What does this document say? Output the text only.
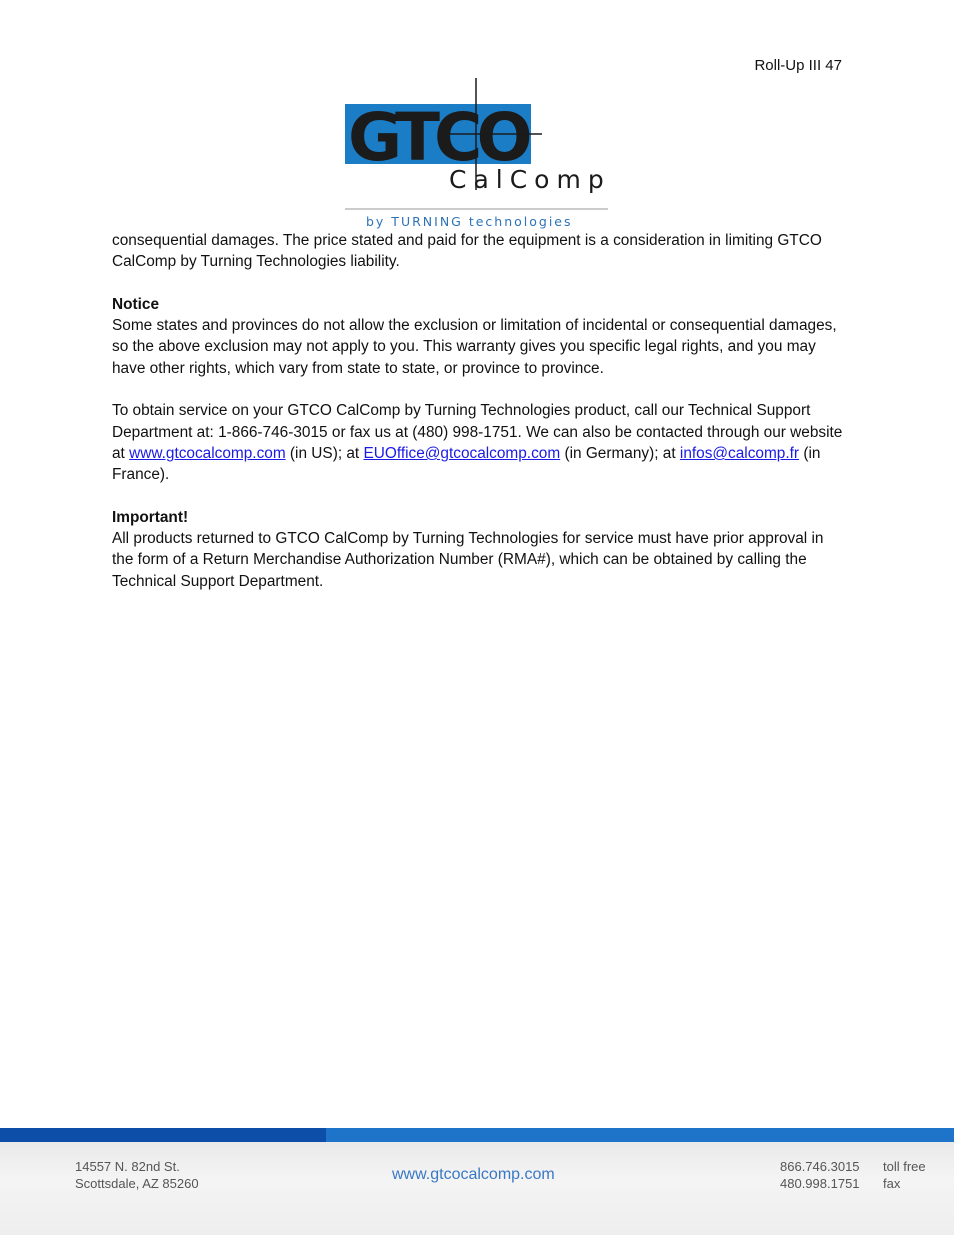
Roll-Up III 47
GTCO
CalComp
by TURNING technologies

consequential damages. The price stated and paid for the equipment is a consideration in limiting GTCO CalComp by Turning Technologies liability.

Notice
Some states and provinces do not allow the exclusion or limitation of incidental or consequential damages, so the above exclusion may not apply to you. This warranty gives you specific legal rights, and you may have other rights, which vary from state to state, or province to province.

To obtain service on your GTCO CalComp by Turning Technologies product, call our Technical Support Department at: 1-866-746-3015 or fax us at (480) 998-1751. We can also be contacted through our website at www.gtcocalcomp.com (in US); at EUOffice@gtcocalcomp.com (in Germany); at infos@calcomp.fr (in France).

Important!
All products returned to GTCO CalComp by Turning Technologies for service must have prior approval in the form of a Return Merchandise Authorization Number (RMA#), which can be obtained by calling the Technical Support Department.

14557 N. 82nd St.
Scottsdale, AZ 85260
www.gtcocalcomp.com	866.746.3015	toll free
480.998.1751	fax
